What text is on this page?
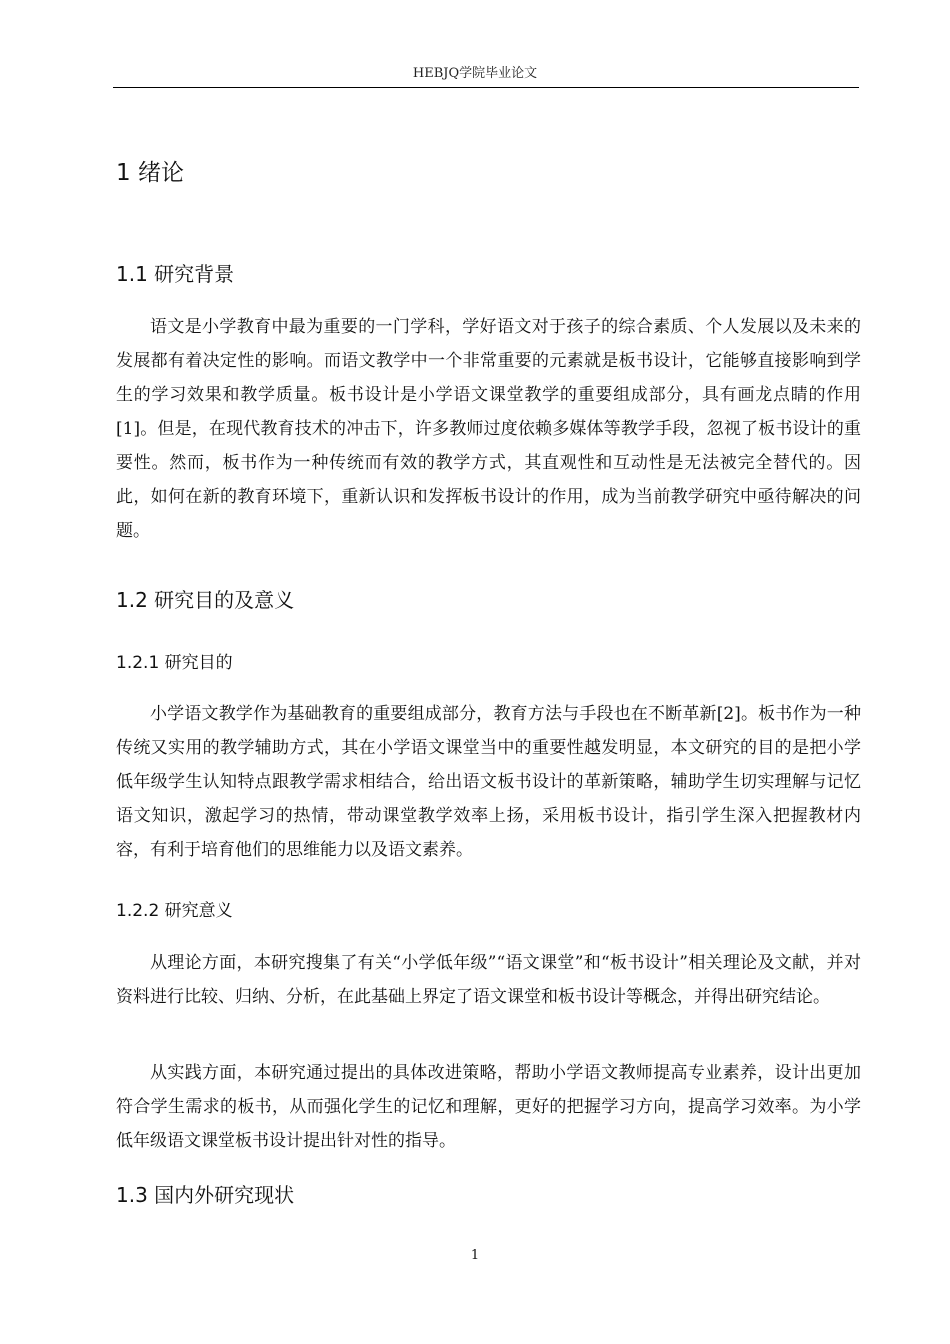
HEBJQ学院毕业论文
1 绪论
1.1 研究背景

语文是小学教育中最为重要的一门学科，学好语文对于孩子的综合素质、个人发展以及未来的发展都有着决定性的影响。而语文教学中一个非常重要的元素就是板书设计，它能够直接影响到学生的学习效果和教学质量。板书设计是小学语文课堂教学的重要组成部分，具有画龙点睛的作用[1]。但是，在现代教育技术的冲击下，许多教师过度依赖多媒体等教学手段，忽视了板书设计的重要性。然而，板书作为一种传统而有效的教学方式，其直观性和互动性是无法被完全替代的。因此，如何在新的教育环境下，重新认识和发挥板书设计的作用，成为当前教学研究中亟待解决的问题。

1.2 研究目的及意义
1.2.1 研究目的

小学语文教学作为基础教育的重要组成部分，教育方法与手段也在不断革新[2]。板书作为一种传统又实用的教学辅助方式，其在小学语文课堂当中的重要性越发明显，本文研究的目的是把小学低年级学生认知特点跟教学需求相结合，给出语文板书设计的革新策略，辅助学生切实理解与记忆语文知识，激起学习的热情，带动课堂教学效率上扬，采用板书设计，指引学生深入把握教材内容，有利于培育他们的思维能力以及语文素养。

1.2.2 研究意义

从理论方面，本研究搜集了有关“小学低年级”“语文课堂”和“板书设计”相关理论及文献，并对资料进行比较、归纳、分析，在此基础上界定了语文课堂和板书设计等概念，并得出研究结论。

从实践方面，本研究通过提出的具体改进策略，帮助小学语文教师提高专业素养，设计出更加符合学生需求的板书，从而强化学生的记忆和理解，更好的把握学习方向，提高学习效率。为小学低年级语文课堂板书设计提出针对性的指导。

1.3 国内外研究现状
1
